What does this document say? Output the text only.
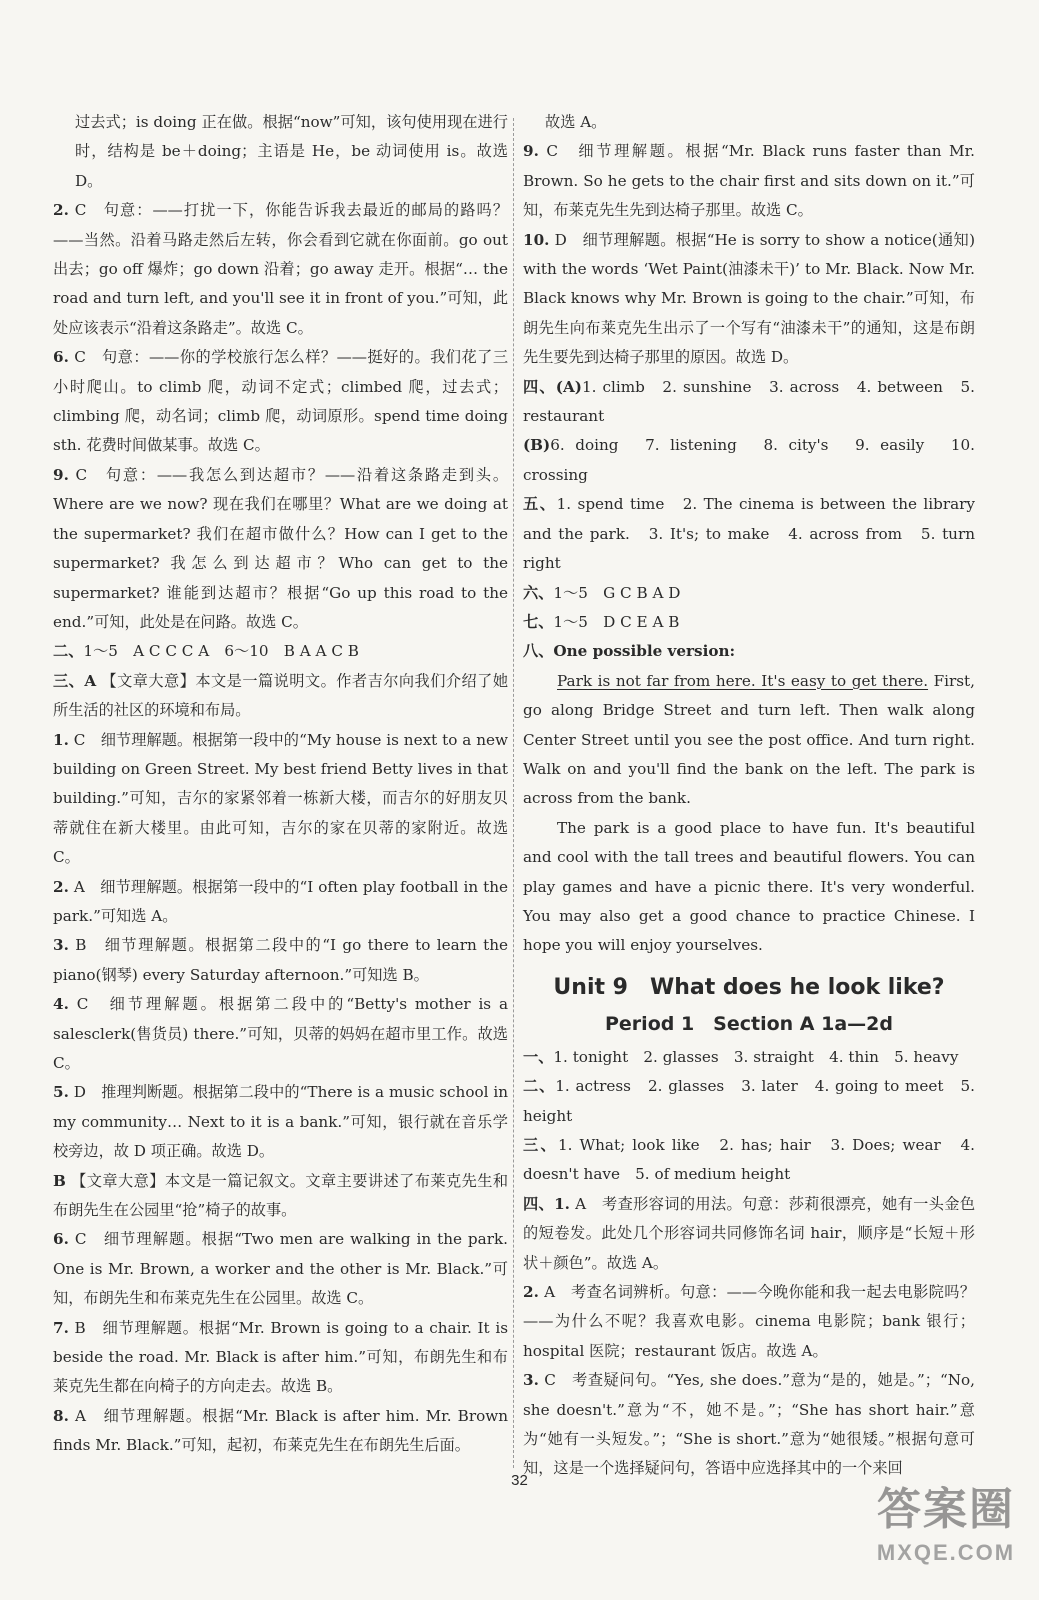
过去式；is doing 正在做。根据“now”可知，该句使用现在进行时，结构是 be＋doing；主语是 He，be 动词使用 is。故选 D。

2. C　句意：——打扰一下，你能告诉我去最近的邮局的路吗？——当然。沿着马路走然后左转，你会看到它就在你面前。go out 出去；go off 爆炸；go down 沿着；go away 走开。根据“… the road and turn left, and you'll see it in front of you.”可知，此处应该表示“沿着这条路走”。故选 C。

6. C　句意：——你的学校旅行怎么样？——挺好的。我们花了三小时爬山。to climb 爬，动词不定式；climbed 爬，过去式；climbing 爬，动名词；climb 爬，动词原形。spend time doing sth. 花费时间做某事。故选 C。

9. C　句意：——我怎么到达超市？——沿着这条路走到头。Where are we now? 现在我们在哪里？What are we doing at the supermarket? 我们在超市做什么？How can I get to the supermarket? 我怎么到达超市？Who can get to the supermarket? 谁能到达超市？根据“Go up this road to the end.”可知，此处是在问路。故选 C。

二、1～5　A C C C A　6～10　B A A C B

三、A 【文章大意】本文是一篇说明文。作者吉尔向我们介绍了她所生活的社区的环境和布局。

1. C　细节理解题。根据第一段中的“My house is next to a new building on Green Street. My best friend Betty lives in that building.”可知，吉尔的家紧邻着一栋新大楼，而吉尔的好朋友贝蒂就住在新大楼里。由此可知，吉尔的家在贝蒂的家附近。故选 C。

2. A　细节理解题。根据第一段中的“I often play football in the park.”可知选 A。

3. B　细节理解题。根据第二段中的“I go there to learn the piano(钢琴) every Saturday afternoon.”可知选 B。

4. C　细节理解题。根据第二段中的“Betty's mother is a salesclerk(售货员) there.”可知，贝蒂的妈妈在超市里工作。故选 C。

5. D　推理判断题。根据第二段中的“There is a music school in my community… Next to it is a bank.”可知，银行就在音乐学校旁边，故 D 项正确。故选 D。

B 【文章大意】本文是一篇记叙文。文章主要讲述了布莱克先生和布朗先生在公园里“抢”椅子的故事。

6. C　细节理解题。根据“Two men are walking in the park. One is Mr. Brown, a worker and the other is Mr. Black.”可知，布朗先生和布莱克先生在公园里。故选 C。

7. B　细节理解题。根据“Mr. Brown is going to a chair. It is beside the road. Mr. Black is after him.”可知，布朗先生和布莱克先生都在向椅子的方向走去。故选 B。

8. A　细节理解题。根据“Mr. Black is after him. Mr. Brown finds Mr. Black.”可知，起初，布莱克先生在布朗先生后面。

故选 A。

9. C　细节理解题。根据“Mr. Black runs faster than Mr. Brown. So he gets to the chair first and sits down on it.”可知，布莱克先生先到达椅子那里。故选 C。

10. D　细节理解题。根据“He is sorry to show a notice(通知) with the words ‘Wet Paint(油漆未干)’ to Mr. Black. Now Mr. Black knows why Mr. Brown is going to the chair.”可知，布朗先生向布莱克先生出示了一个写有“油漆未干”的通知，这是布朗先生要先到达椅子那里的原因。故选 D。

四、(A)1. climb　2. sunshine　3. across　4. between　5. restaurant

(B)6. doing　7. listening　8. city's　9. easily　10. crossing

五、1. spend time　2. The cinema is between the library and the park.　3. It's; to make　4. across from　5. turn right

六、1～5　G C B A D

七、1～5　D C E A B

八、One possible version:

Park is not far from here. It's easy to get there. First, go along Bridge Street and turn left. Then walk along Center Street until you see the post office. And turn right. Walk on and you'll find the bank on the left. The park is across from the bank.

The park is a good place to have fun. It's beautiful and cool with the tall trees and beautiful flowers. You can play games and have a picnic there. It's very wonderful. You may also get a good chance to practice Chinese. I hope you will enjoy yourselves.

Unit 9　What does he look like?
Period 1　Section A 1a—2d

一、1. tonight　2. glasses　3. straight　4. thin　5. heavy

二、1. actress　2. glasses　3. later　4. going to meet　5. height

三、1. What; look like　2. has; hair　3. Does; wear　4. doesn't have　5. of medium height

四、1. A　考查形容词的用法。句意：莎莉很漂亮，她有一头金色的短卷发。此处几个形容词共同修饰名词 hair，顺序是“长短＋形状＋颜色”。故选 A。

2. A　考查名词辨析。句意：——今晚你能和我一起去电影院吗？——为什么不呢？我喜欢电影。cinema 电影院；bank 银行；hospital 医院；restaurant 饭店。故选 A。

3. C　考查疑问句。“Yes, she does.”意为“是的，她是。”；“No, she doesn't.”意为“不，她不是。”；“She has short hair.”意为“她有一头短发。”；“She is short.”意为“她很矮。”根据句意可知，这是一个选择疑问句，答语中应选择其中的一个来回

32
答案圈
MXQE.COM
